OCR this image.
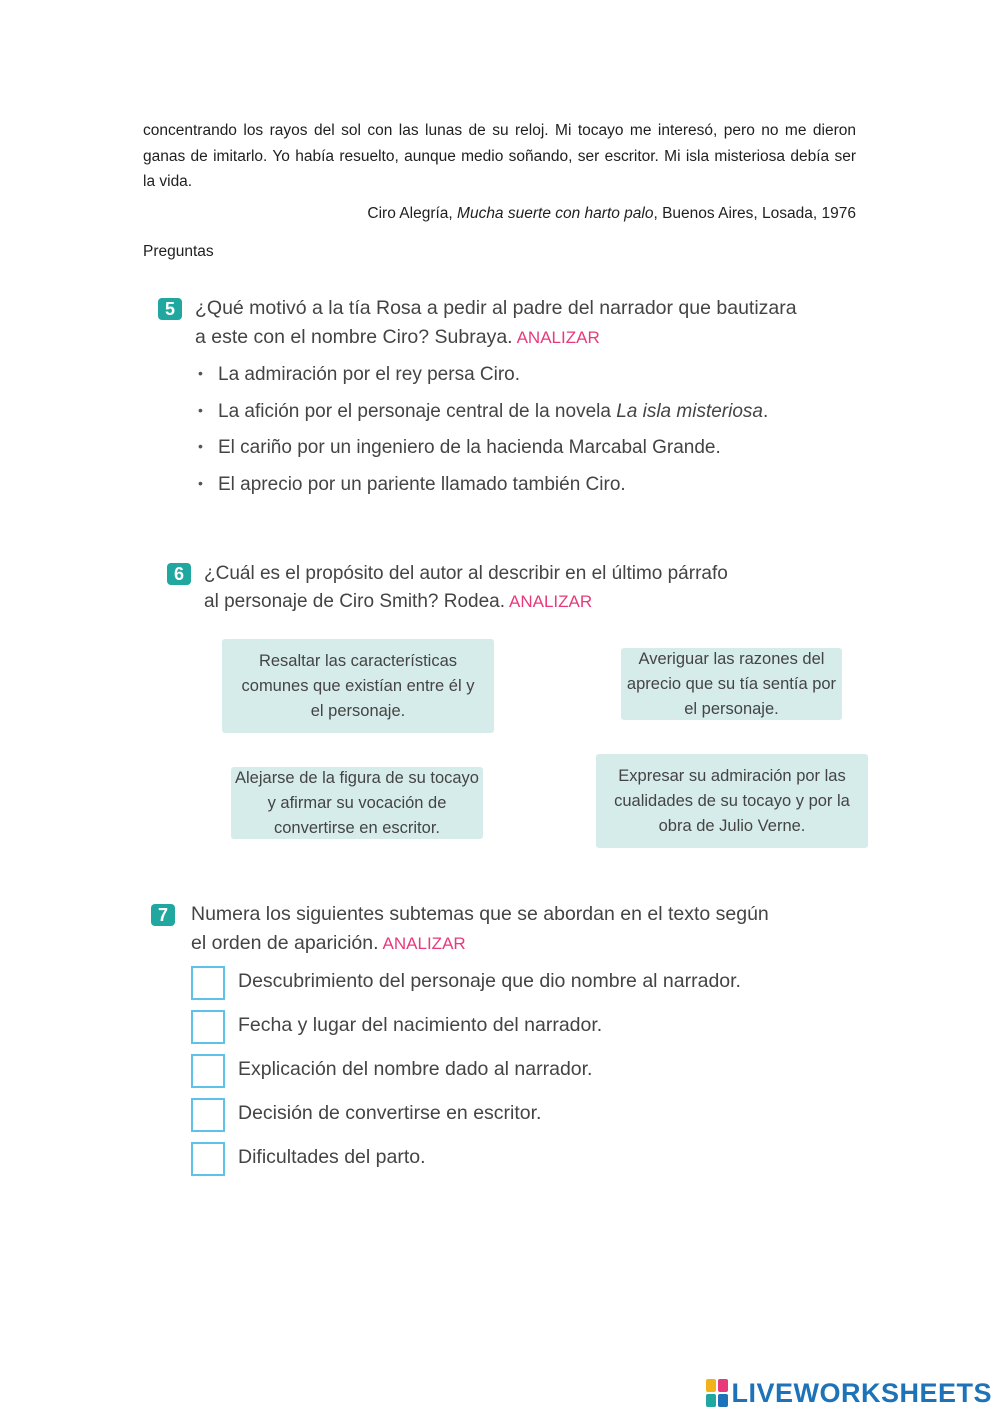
concentrando los rayos del sol con las lunas de su reloj. Mi tocayo me interesó, pero no me dieron ganas de imitarlo. Yo había resuelto, aunque medio soñando, ser escritor. Mi isla misteriosa debía ser la vida.
Ciro Alegría, Mucha suerte con harto palo, Buenos Aires, Losada, 1976
Preguntas
5	¿Qué motivó a la tía Rosa a pedir al padre del narrador que bautizara
a este con el nombre Ciro? Subraya. ANALIZAR
• La admiración por el rey persa Ciro.
• La afición por el personaje central de la novela La isla misteriosa.
• El cariño por un ingeniero de la hacienda Marcabal Grande.
• El aprecio por un pariente llamado también Ciro.
6	¿Cuál es el propósito del autor al describir en el último párrafo
al personaje de Ciro Smith? Rodea. ANALIZAR
Resaltar las características comunes que existían entre él y el personaje.
Averiguar las razones del aprecio que su tía sentía por el personaje.
Alejarse de la figura de su tocayo y afirmar su vocación de convertirse en escritor.
Expresar su admiración por las cualidades de su tocayo y por la obra de Julio Verne.
7	Numera los siguientes subtemas que se abordan en el texto según
el orden de aparición. ANALIZAR
Descubrimiento del personaje que dio nombre al narrador.
Fecha y lugar del nacimiento del narrador.
Explicación del nombre dado al narrador.
Decisión de convertirse en escritor.
Dificultades del parto.
LIVEWORKSHEETS
